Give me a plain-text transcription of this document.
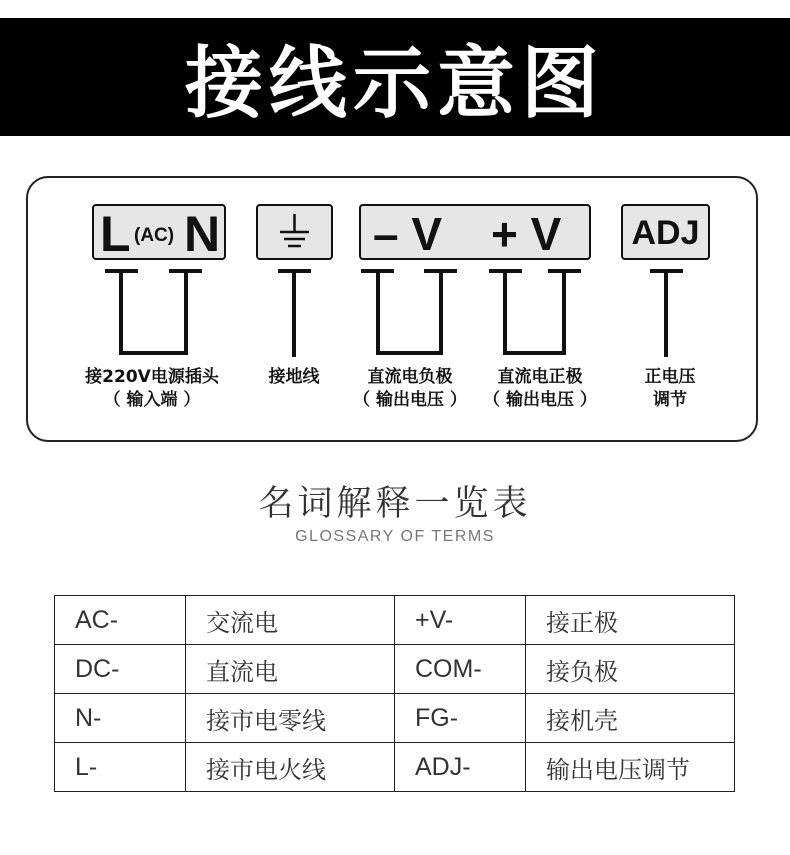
接线示意图
L (AC) N	– V + V ADJ
接220V电源插头
（ 输入端 ）
接地线	直流电负极
（ 输出电压 ）
直流电正极
（ 输出电压 ）
正电压
调节
名词解释一览表
GLOSSARY OF TERMS
AC-	交流电	+V-	接正极
DC-	直流电	COM-	接负极
N-	接市电零线	FG-	接机壳
L-	接市电火线	ADJ-	输出电压调节
